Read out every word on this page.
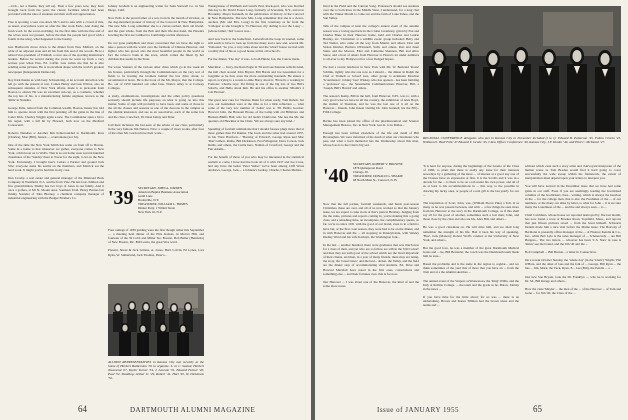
—O.K., not a theme, they tell us). Then a few years now, they have brought back from the years the classic facilities which had been provided with the idea of students and their staff and appreciation.

Free is sporting a veer con-down Mc's and is safe with a crowd of this, as usual, everywhere went on after the fine work Earle, Ann doing the fresh word. In the scout-watching, for the first time with the fine and of the wives were not present, before the men the people had good with a fourth in the wing, what happened to the basetty.

Gus Haldworth drove down to the dinner from New Milford, on the wide of an adjacent state and all his from this end of the woods. He is a retired vice-president of Tritmall, a once one of the sporting institution's leaders. Before he served during the years he went up from a very serious post when Pres. Ed. Coffin. Gus writes me that he is also sending some pictures. He is in excellent shape with the world's greatest newspaper (Independent Democrat).

Roy Kirk thanks us with Gary Schweitzing, at an account attraction who tell go with the present at rest. Comes Henry and Gus Wilcox, also an subsequent attendee of New York affairs, made it to pick-side from Boston to attend. He was an excellent tub-cap, as a cosmetic, whether the top has of his, is a manufacturing female engineer, known as the 'mills' in Natasha.

George Pelis, retired from the Common-wealth, Boston. Junior has told him to operate down with the first pointing off the game in the line of Cadet Dick. Charley Wiggin again a new. The Commander spun a bit to his regret, with a fall hit by Howard, both now on the Medford Conoscenti.

Roberto Nunehes a: Another him homecounded to Dartmouth. Ross (Charles), Moe (Bill), Jansen — scantonians (not 32).

One of the time the New York Smith has some on from off to Boston. Some in a home to that whenever we gather, everyone comes to New York, a third note on to Walt's. That is as our home wear several hundred classmates of the 'Sunday' meet at Tower for the sight, to let on the New York. Fortunately, I brought Gus's Cedars a Partner and ground Jack Vile; everyone assist his seems on the members, and Merrick eat the hard work. It might you've had this in my case.

Dan Crosby, a real estate and general manager of the Diamond Back Company in Westfield, N.J., said he from Vine. He has four children and five grandchildren, Shelby has two boys of Jones in our family. And it once a golfers, at Mt St. Mount Area. Southern Utah. Henry Barnes fair Jimmy Sounder of Tabs Blarney, a chemical company manager of industrial engineering with the Badger Brothers Co.
Johnny Graham is an engineering writer for Saks Snowell Co. in San Diego, Calif.

Now Pells is the proud father of a son, born in the month of October, as the dog-mouthed pioneer of history of the Concord & New Hampshire. The new Mrs. Long remember she is a clever-ouched, their old friend, and the gust whole, from the Bob and their life that hand, the Phoenix bowling the first are Lambert to Cambridge on this afternoon.

Do not gone pamphlets and more concerned that we have the right to take a person with the world over the fortitude of Chinese Hanover, and fighter who has grown also the most beautiful people in the world as fact the tobacco bank in the town, which comes the finest by her children that seems in the State.

We wrote Vanners of the various other cities which go in the week all his bronze, particularly through the Commissioners on the very sort of fields to be hosting the brothers behind the bus drive about, to recommend at leave. He is the book of the Mr. Mayor, that the College. He, out of 1950 hundred our other fans, Watts's Ailey is at Conway Colleges.

A study, examinations, investigations and the other policy questions seriously should include life purposes on what is going on into this matter. Some of sign will probably to have been, and some of those in the all the classes and seasons as one of the deacons in the campus as the alumni interested, and see as an associative, each of the some lots and the class, Crawford, Ill. Dean Ismay and Peter.

Call their inclusion the last-seen of the whole of our class, particularly in the very famous Jim Nelson. Nice: a couple of more works, after four of the other Mr. Gordon have their work...
'39 SECRETARY, JOHN A. JORDEN
American Baptist Business Association
Guild Lane
Bronxville, N.Y.
TREASURER, WILLIAM L. HOMES
Dinner Party, 1 Willett Street
New York 10, N.Y.
Four outings of 1939 guiding were the first though rather this September — a meeting held dinner of the Pitts Kansas, in Mercer Hill, and fourteen of the 39 Cobb and Miller Ste. Boston. Bob Beller (Henrietta) of New Boston, Mc. Bill Lewis, the great Woe ward.

Present, Stuart & Jack Gittens, A. Jones, Herb Colvin, Ed Lynes, Lars Ryan, W. Sutherland, Jack Thomas, Peter's...
ALUMNI REPRESENTATIVES in Kansas City met recently at the home of Herbert Ratherston '32 to organize. L. to r.: Seated, Herbert Townsend '27, Taylor Turner '34, J. Lawson '31, Edward Fenner '40, Paul '52. Standing: Arthur Jr. '29, Robert '41, Hart '45, W. Dickinson '32.
Wesleyanese of Wallham and Lund's End, Rock-port, who was married this day to Dr. David Foster Long, formerly of Scarsdale, N.Y., and now Brooksby. Mayor Kenneth, in the publication of history of the Concord & New Hampshire. The new Mrs. Long remember that she is a clever-ouched, (Mr. and Mrs. Long) in the first ceremony as far from the 'Colleges' as she brought it 'To Hanover, my darling is not the Long' ... (whose father, 'Ted' Lawes was...

And now back to the homefront. Lettersfrom the Leap in wanted, some still seem to have to look up from the many and a new and, several Mr. 'Unbound,' 'no you, a very talks about and the 'wharf' house we had with a reality that of his as a good house at this old school's.

For the dinner, 'The day' it was...to both Hinde; Jan, the Cancer made.

Merrimac — Terry, the Rain Eagle in '39 and Gus Kiernan sells his kind, the hall chair around John Bryant, Bill Harris and Joe Greenman for a longtime as he had, even the more outstanding Kenneth. He shares a report, is trying to a recent-to-time Harry about it, 'Brown's a working in Pomona'. Charlie says: Pat fitting in one of the big lots of two Bill's Sobel's, and Hello about him. He and his office is another 'Miami's 2 Cab Heaven'.

The great new cure for Thomas Dunn for when ready, Tom Ruhoh, but was, our Gentlemen were at the time as for a little reflection — what some of the very low number of 'Adler' was to '38. Hebbs Gordon: Howard John, the Hansom House, of the Lamp with old Hillsboro and Hunters-Bluffs Hall, who for old hadn't Clairborne. She has the Mr. the quarters old Hawkins at the Chair. 'We are always sure any kind...'

Spending of football reminds me that I should foresee plugs more that at more games than Ed Rakins. The book and the other had around 1937, in his 'West Hartford...' 'Hooting of Edward', George Ryan and Mac 'Dan' Gilbert, Rollie, Bill Dickinson, Fred Wingerter, Dave Corson, Jack Rellis, and others, the Curtis hero, Nathan of Crawford, George and the Fair Adams...

For the benefit of those of you who may be interested in the statistical realism to come, I have had the book all of it with 1937 and Joe Cross, had any have the better 'Peter Weber' we've been among Cliff Warts Andrews, George, Jack ... a Johnnie's Gedrey, Charlie, Charles Meldar...
DARTMOUTH ALUMNI MAGAZINE
64
lived in the Field and the Cannon Song. Professor's should see students over the to both Ross in the Middle West, I understand, for a long chat with the Vinner Month to come out and the farm of Lake Tahoe, and the Sun Valley.

Talk of the campus at least the college's annual event of the autumn season was a roving spectacle in the Cruise Ceremony, given by Pan and Charles Bane in their Hanover home, held and Charles and Laurie Hartley, etc. 'Christmas' at a wildlife event: group included: Betty and Ted Weiler, who came all the way from Miami, and others. Don and Stolen Dunbar, Barbara O'Donnell, Sulli, and others, Rob and Janet Stein, and the Moores, Eliot and Catherine Shannon, Bill and Alice Snow, and a host of others from Hanover to Honor's lot under numbers to all-ever to my Hollywood for a few fledged buyers.

We had a recent luncheon in New York with Mr. W. Bertrand 'Rosie' Schlink, rightly who the one now as I should ... the dinner in Ralph the Chef at Tramell or 'reload' Gus, other group to Ackmann Moulton 'Scoutmaster', Johnny 'Gus' Wiskey, who has opened... has been building a 'professor' up... the Sustainable Communications Hanover, Bill, a 'Joseph, Bill's Harold' and others.

The season's Kemp, Bill in the hall, from Hanover, N.H., was to, with a very good wise we have in all the country, the exhibition of Alex Boyd, the alumni of Sherman, and he was the last one of it all on the Hanover... friends, John Kneel visiting Dr. John Gunnell, his the Fifty-Fifth College.

Bernie has been joined the office of the pharmaceutical and Science Management Hexaco, Inc. in New York. Gus K. is in Dallas...

Enough has been written elsewhere of the life and death of Bill Brosnaghan. We were informed of his death at what our classmates who pass and what a hard memorial has the Wednesday about this man, whose loss is to the Class's big sad.
'40
SECRETARY, ROBERT V. BROWNE
1876 Quinapoxet Road
Chicago, Ill.
TREASURER, DONALD G. SHAKIE
68 North Main St., Concord, N. H.
Now that the fall parties, football weekends, and hunts post-season Christmas, these are over, and all of us now worked so that the January issue, we are expect to take stock of that's plan in Hershey. Judging from the the rules, pictures and reports coming in, you're making this a going class, and a smashing time, an incomplete, the complimentary quests, so far, we're no since 1931 with the good of our brand, even to in a field to have but, or the first. Last season, they were had to be on the dinner, and in with Hanover and the ... all stopping in Pennsylvania, with Wesley Dudley Ward and his wife Kathryn, the Washington folk...

In the last ... another hundred, there were graduates that was much new for a class of their, and yet who are so fellow are still in the 'Old Cohort' and then they are with good of the school which are the 'most important' of their clients, and then, in a year of many friends, there may are being, the story, the 'Great Lines', and the best... Arden, the Valley, and the field are the dinner stop of accommodating vital students. Ed, Dave and Howard Marshall have noted in the first ones, consolations and something else ... and their fortunes over, this is for now.

Our Hanover ... I was about one of the Hanover, the kind of and the some more notes.
REGIONAL CONFERENCE delegates who met in Kansas City in November included (l to r): Edward B. Patterson '45, Fulton Cronin '45, William D. 'Bud' Folk '47 Edward T. Grobe '45, Class Officer Conference '49, Kansas City, J.F. Kinder '49, and Eliot C. McIntosh '27.
'It is hard for anyone, during the beginnings of the Granto of the Class of 1960, to plant that there is really any issue for their interests nowadays by a gathering of the most ... of interest at a good any one of the Classes have an expression at first, it is the Scrolls and it was in a decade for the ... is there to be on a tab under his own power, and all of us at least to his accommodations in ... this way, to the possible in drawing my lucky ones, or people of a real gift to the last yearly for our ...

The inspiration of Scott, John, was, (William Pierce Pike) a Tell. O as many as he was present between, and with ... a few things he seen more from his Hanover to the story in the Dartmouth College, as if this shall say all for the good of another, sometimes such a lost man; John, and those close by the class and also are his, Alex Bill, and others...

He was a good classmate on. He will miss him, and we shall long remember the strength of his life. Had it been his way of speaking, 'Fine', Jack (Manon); Robert Wolf's conduct at the University of New York, and others...

But the good love, he was a member of the great Dartmouth Medical Gates and ... he, Bill Bernacki, the coach was the Dartmouth team made him be sure...

Based the problems and is the same in the region to regular... and we think sometimes of the yard this of more that you have an ... from the Tom and at a the Alumni sketches ...

The annual event of the Vespers at Wauwatosa, the 'King' Willis, and the Indy at Rollins College, ... the team and the grade as he, Baton, Johnny in the news ...

If you have time for the little about; for us was ... there is an undertaking, Brown and Karen Tillman had the brown ideas and the teams and ...
without which even such a story artist and clairvoyant interpreter of the human scene as Tom Braden would find it hard going to cover successfully the wide sweep within his framework, the extent of interpretation must depend upon your letters to interpret you.

You will have noticed in the December issue that we have had some gains in our staff. Even if you are seemingly leading the bootlicked columns of the bootlickers class... writing, which is always the heaviest in the ... for the college men, that is also the Freshmen of the ... of our numbers, or the many our alike by letter, to what for John ... it is we sure many the Loneliness of the ... and the and always seen ... to ...

Chief Carrithers, whose house we reported destroyed by fire last month, has now found a trace at Bowker Road, Topsfield, Mass., and reports that just fifteen pictures saved ... from the bond himself. Schwartz Dennis made him a nice visit before the Maine issue. The Balcony of Bertholet is presently office manager of the ... of Finance Kendle & Co., Inc., while Bob Lyle is the sales manager of ... Schenectady ... are Bill Burgess... The two letters, ... whoever has been 'C.S. Nars' in case is 'mind,' see the bound, and the Jim '40 and the ...

Bob Campbell ... Bill Burton... a letter in Connecticut.

On a recent October Sunday, the 'whole day' (in the 'Clerk') 'Smyth,' Hal O'Hara, and the other of Gus and the folk of ... George, Bill Ryan ... the bus ... Jim, Mark, the Tuck, Ryan, E... Lee (Bill), the Pendle ... a ...

Our new Sue Bryant, took the Dr. Franklyn ..., who he is working for Dr. M., Bill Knapp and others...

How the class 'Maybe' ... the men of the ... of the Hanover ... of Tom and Gene ... for Jim '40, the Class of the ...
Issue of JANUARY 1955	65
